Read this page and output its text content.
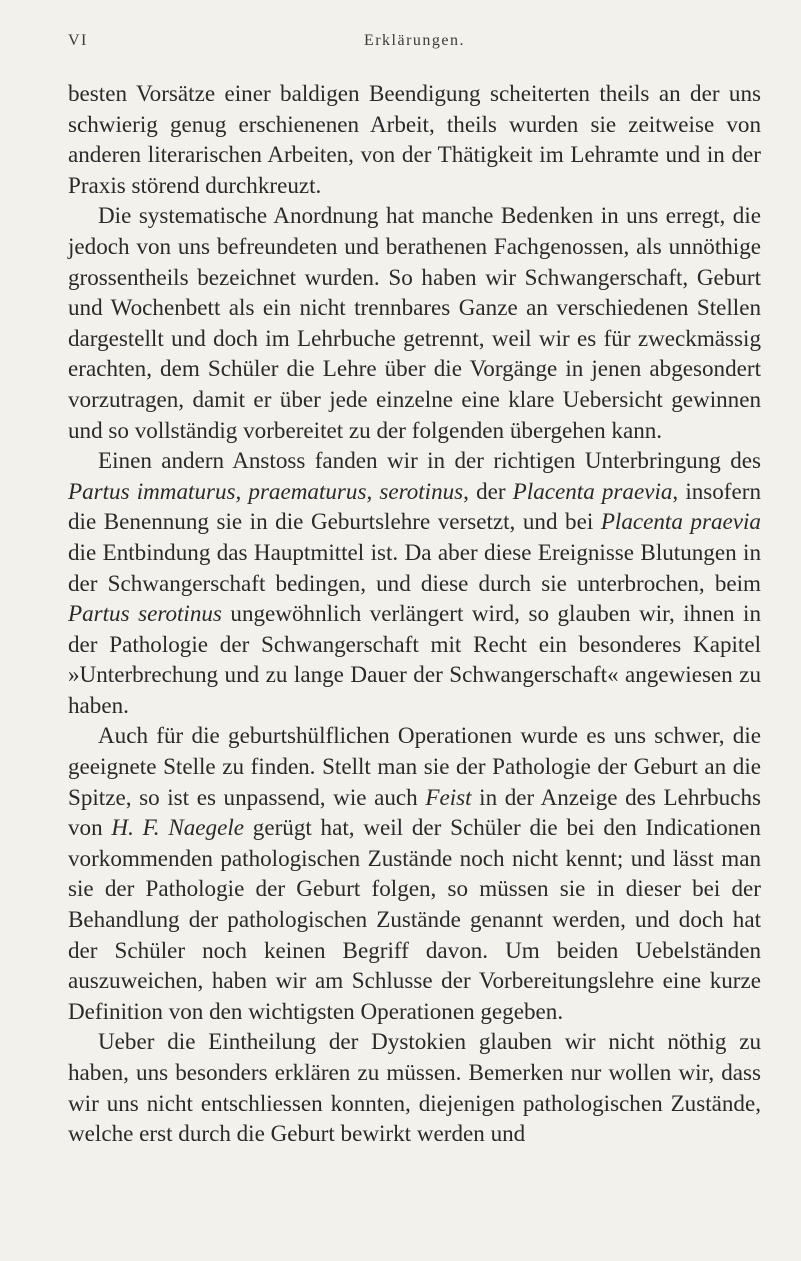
VI	Erklärungen.

besten Vorsätze einer baldigen Beendigung scheiterten theils an der uns schwierig genug erschienenen Arbeit, theils wurden sie zeitweise von anderen literarischen Arbeiten, von der Thätigkeit im Lehramte und in der Praxis störend durchkreuzt.

Die systematische Anordnung hat manche Bedenken in uns erregt, die jedoch von uns befreundeten und berathenen Fachgenossen, als unnöthige grossentheils bezeichnet wurden. So haben wir Schwangerschaft, Geburt und Wochenbett als ein nicht trennbares Ganze an verschiedenen Stellen dargestellt und doch im Lehrbuche getrennt, weil wir es für zweckmässig erachten, dem Schüler die Lehre über die Vorgänge in jenen abgesondert vorzutragen, damit er über jede einzelne eine klare Uebersicht gewinnen und so vollständig vorbereitet zu der folgenden übergehen kann.

Einen andern Anstoss fanden wir in der richtigen Unterbringung des Partus immaturus, praematurus, serotinus, der Placenta praevia, insofern die Benennung sie in die Geburtslehre versetzt, und bei Placenta praevia die Entbindung das Hauptmittel ist. Da aber diese Ereignisse Blutungen in der Schwangerschaft bedingen, und diese durch sie unterbrochen, beim Partus serotinus ungewöhnlich verlängert wird, so glauben wir, ihnen in der Pathologie der Schwangerschaft mit Recht ein besonderes Kapitel »Unterbrechung und zu lange Dauer der Schwangerschaft« angewiesen zu haben.

Auch für die geburtshülflichen Operationen wurde es uns schwer, die geeignete Stelle zu finden. Stellt man sie der Pathologie der Geburt an die Spitze, so ist es unpassend, wie auch Feist in der Anzeige des Lehrbuchs von H. F. Naegele gerügt hat, weil der Schüler die bei den Indicationen vorkommenden pathologischen Zustände noch nicht kennt; und lässt man sie der Pathologie der Geburt folgen, so müssen sie in dieser bei der Behandlung der pathologischen Zustände genannt werden, und doch hat der Schüler noch keinen Begriff davon. Um beiden Uebelständen auszuweichen, haben wir am Schlusse der Vorbereitungslehre eine kurze Definition von den wichtigsten Operationen gegeben.

Ueber die Eintheilung der Dystokien glauben wir nicht nöthig zu haben, uns besonders erklären zu müssen. Bemerken nur wollen wir, dass wir uns nicht entschliessen konnten, diejenigen pathologischen Zustände, welche erst durch die Geburt bewirkt werden und
